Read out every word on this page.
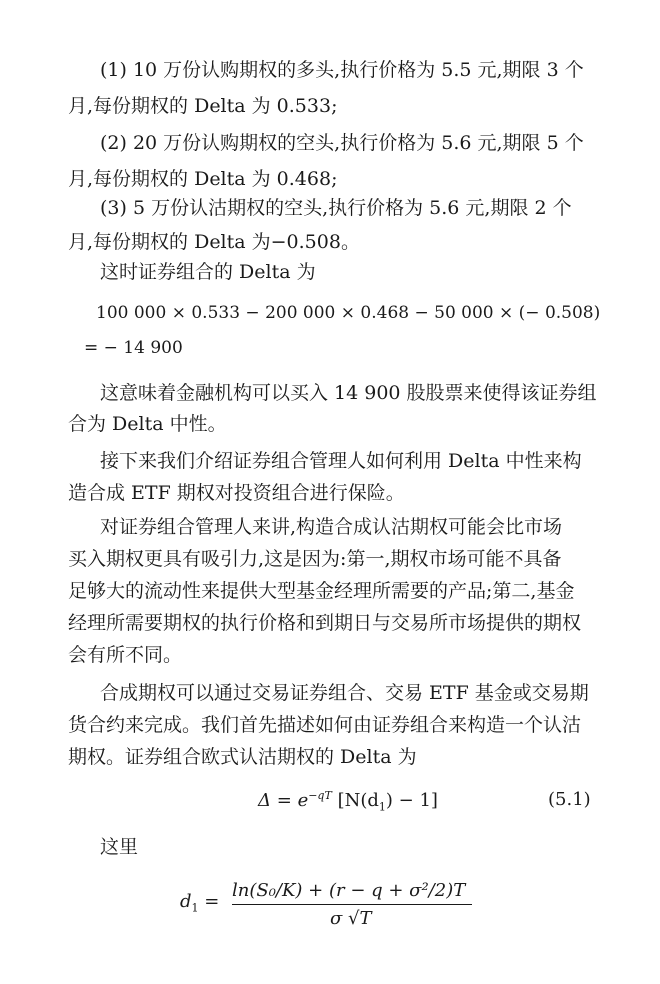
(1) 10 万份认购期权的多头,执行价格为 5.5 元,期限 3 个
月,每份期权的 Delta 为 0.533;
(2) 20 万份认购期权的空头,执行价格为 5.6 元,期限 5 个
月,每份期权的 Delta 为 0.468;
(3) 5 万份认沽期权的空头,执行价格为 5.6 元,期限 2 个
月,每份期权的 Delta 为−0.508。
这时证券组合的 Delta 为
100 000 × 0.533 − 200 000 × 0.468 − 50 000 × (− 0.508)
= − 14 900
这意味着金融机构可以买入 14 900 股股票来使得该证券组
合为 Delta 中性。
接下来我们介绍证券组合管理人如何利用 Delta 中性来构
造合成 ETF 期权对投资组合进行保险。
对证券组合管理人来讲,构造合成认沽期权可能会比市场
买入期权更具有吸引力,这是因为:第一,期权市场可能不具备
足够大的流动性来提供大型基金经理所需要的产品;第二,基金
经理所需要期权的执行价格和到期日与交易所市场提供的期权
会有所不同。
合成期权可以通过交易证券组合、交易 ETF 基金或交易期
货合约来完成。我们首先描述如何由证券组合来构造一个认沽
期权。证券组合欧式认沽期权的 Delta 为
$\Delta = e^{-qT}$ $[N(d_1) - 1]$	(5.1)
这里
$d_1$ =
ln(S₀/K) + (r − q + σ²/2)T
σ √T
